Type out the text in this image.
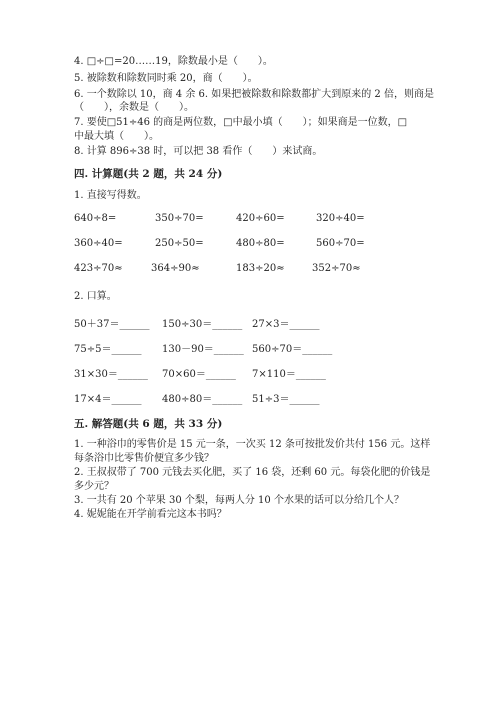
4. □÷□=20……19，除数最小是（　　）。
5. 被除数和除数同时乘 20，商（　　）。
6. 一个数除以 10，商 4 余 6. 如果把被除数和除数都扩大到原来的 2 倍，则商是
（　　），余数是（　　）。
7. 要使□51÷46 的商是两位数，□中最小填（　　）；如果商是一位数，□
中最大填（　　）。
8. 计算 896÷38 时，可以把 38 看作（　　）来试商。
四. 计算题(共 2 题，共 24 分)
1. 直接写得数。
640÷8=	350÷70=	420÷60=	320÷40=
360÷40=	250÷50=	480÷80=	560÷70=
423÷70≈	364÷90≈	183÷20≈	352÷70≈
2. 口算。
50＋37＝______ 150÷30＝______ 27×3＝______
75÷5＝______ 130－90＝______ 560÷70＝______
31×30＝______ 70×60＝______ 7×110＝______
17×4＝______ 480÷80＝______ 51÷3＝______
五. 解答题(共 6 题，共 33 分)
1. 一种浴巾的零售价是 15 元一条，一次买 12 条可按批发价共付 156 元。这样
每条浴巾比零售价便宜多少钱？
2. 王叔叔带了 700 元钱去买化肥，买了 16 袋，还剩 60 元。每袋化肥的价钱是
多少元？
3. 一共有 20 个苹果 30 个梨，每两人分 10 个水果的话可以分给几个人？
4. 妮妮能在开学前看完这本书吗？
